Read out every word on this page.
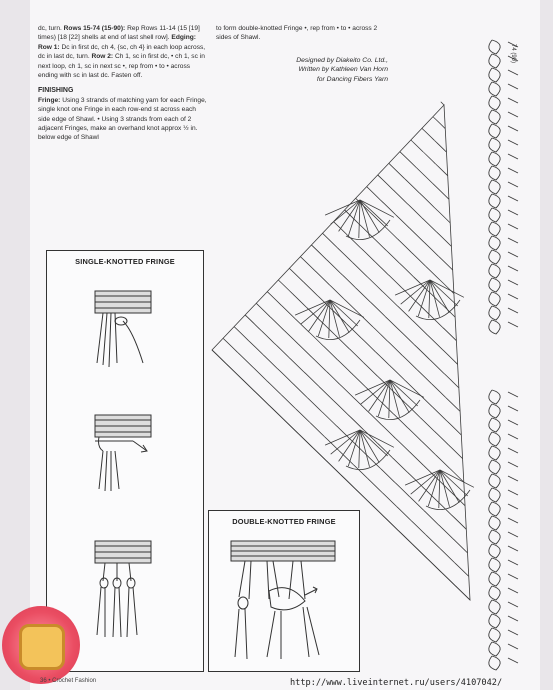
dc, turn. Rows 15-74 (15-90): Rep Rows 11-14 (15 [19] times) [18 [22] shells at end of last shell row]. Edging: Row 1: Dc in first dc, ch 4, {sc, ch 4} in each loop across, dc in last dc, turn. Row 2: Ch 1, sc in first dc, • ch 1, sc in next loop, ch 1, sc in next sc •, rep from • to • across ending with sc in last dc. Fasten off.

FINISHING

Fringe: Using 3 strands of matching yarn for each Fringe, single knot one Fringe in each row-end st across each side edge of Shawl. • Using 3 strands from each of 2 adjacent Fringes, make an overhand knot approx ½ in. below edge of Shawl

to form double-knotted Fringe •, rep from • to • across 2 sides of Shawl.
Designed by Diakeito Co. Ltd.,
Written by Kathleen Van Horn
for Dancing Fibers Yarn
74 (90)
SINGLE-KNOTTED FRINGE
DOUBLE-KNOTTED FRINGE
36 • Crochet Fashion	http://www.liveinternet.ru/users/4107042/
